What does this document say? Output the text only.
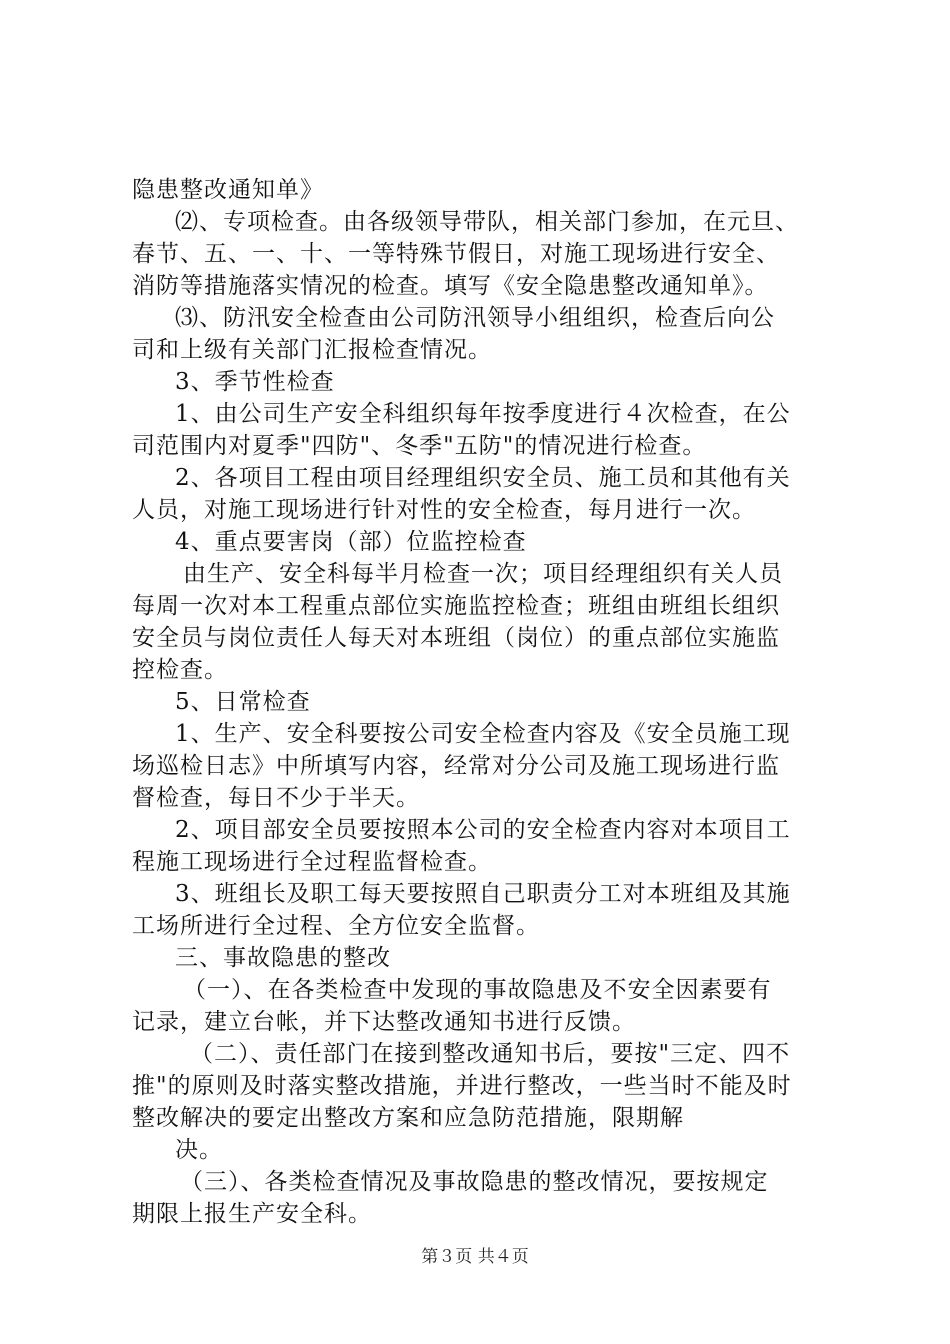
隐患整改通知单》
⑵、专项检查。由各级领导带队，相关部门参加，在元旦、
春节、五、一、十、一等特殊节假日，对施工现场进行安全、
消防等措施落实情况的检查。填写《安全隐患整改通知单》。
⑶、防汛安全检查由公司防汛领导小组组织，检查后向公
司和上级有关部门汇报检查情况。
3、季节性检查
1、由公司生产安全科组织每年按季度进行４次检查，在公
司范围内对夏季"四防"、冬季"五防"的情况进行检查。
2、各项目工程由项目经理组织安全员、施工员和其他有关
人员，对施工现场进行针对性的安全检查，每月进行一次。
4、重点要害岗（部）位监控检查
由生产、安全科每半月检查一次；项目经理组织有关人员
每周一次对本工程重点部位实施监控检查；班组由班组长组织
安全员与岗位责任人每天对本班组（岗位）的重点部位实施监
控检查。
5、日常检查
1、生产、安全科要按公司安全检查内容及《安全员施工现
场巡检日志》中所填写内容，经常对分公司及施工现场进行监
督检查，每日不少于半天。
2、项目部安全员要按照本公司的安全检查内容对本项目工
程施工现场进行全过程监督检查。
3、班组长及职工每天要按照自己职责分工对本班组及其施
工场所进行全过程、全方位安全监督。
三、事故隐患的整改
（一）、在各类检查中发现的事故隐患及不安全因素要有
记录，建立台帐，并下达整改通知书进行反馈。
（二）、责任部门在接到整改通知书后，要按"三定、四不
推"的原则及时落实整改措施，并进行整改，一些当时不能及时
整改解决的要定出整改方案和应急防范措施，限期解
决。
（三）、各类检查情况及事故隐患的整改情况，要按规定
期限上报生产安全科。
第３页 共４页
